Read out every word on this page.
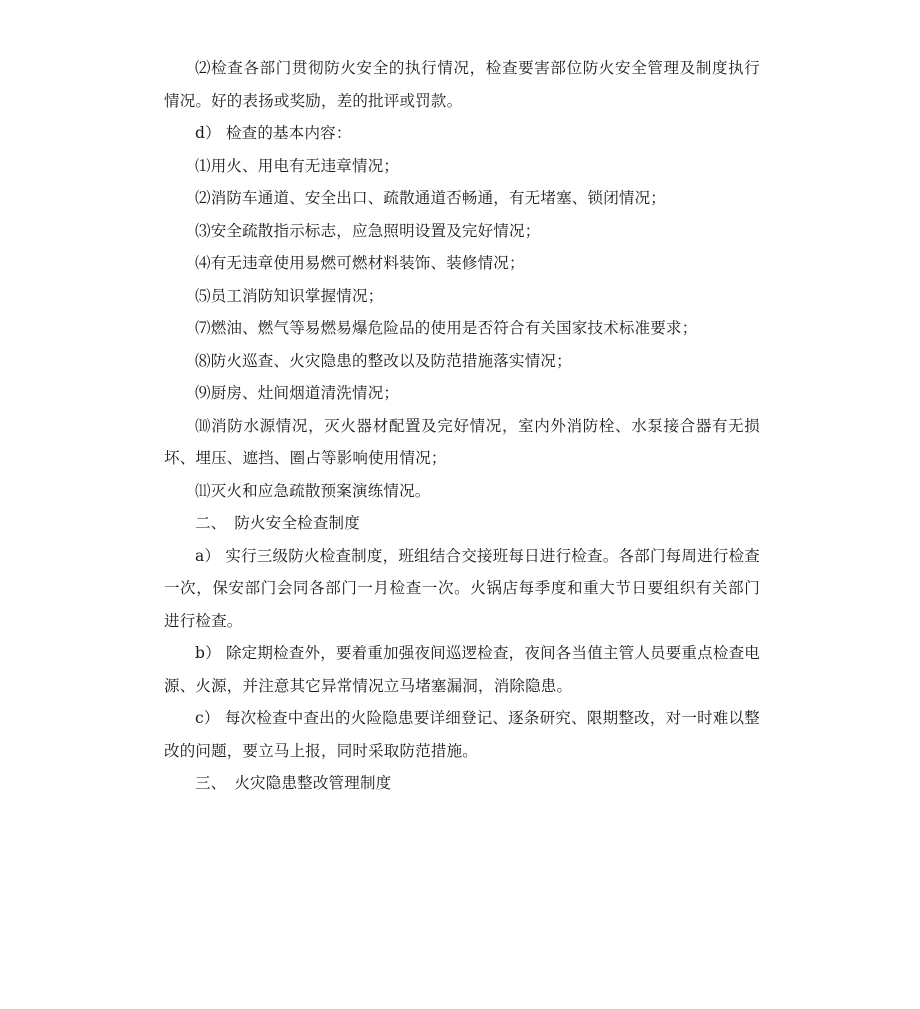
⑵检查各部门贯彻防火安全的执行情况，检查要害部位防火安全管理及制度执行情况。好的表扬或奖励，差的批评或罚款。

d） 检查的基本内容：

⑴用火、用电有无违章情况；

⑵消防车通道、安全出口、疏散通道否畅通，有无堵塞、锁闭情况；

⑶安全疏散指示标志，应急照明设置及完好情况；

⑷有无违章使用易燃可燃材料装饰、装修情况；

⑸员工消防知识掌握情况；

⑺燃油、燃气等易燃易爆危险品的使用是否符合有关国家技术标准要求；

⑻防火巡查、火灾隐患的整改以及防范措施落实情况；

⑼厨房、灶间烟道清洗情况；

⑽消防水源情况，灭火器材配置及完好情况，室内外消防栓、水泵接合器有无损坏、埋压、遮挡、圈占等影响使用情况；

⑾灭火和应急疏散预案演练情况。

二、　防火安全检查制度

a） 实行三级防火检查制度，班组结合交接班每日进行检查。各部门每周进行检查一次，保安部门会同各部门一月检查一次。火锅店每季度和重大节日要组织有关部门进行检查。

b） 除定期检查外，要着重加强夜间巡逻检查，夜间各当值主管人员要重点检查电源、火源，并注意其它异常情况立马堵塞漏洞，消除隐患。

c） 每次检查中查出的火险隐患要详细登记、逐条研究、限期整改，对一时难以整改的问题，要立马上报，同时采取防范措施。

三、　火灾隐患整改管理制度
